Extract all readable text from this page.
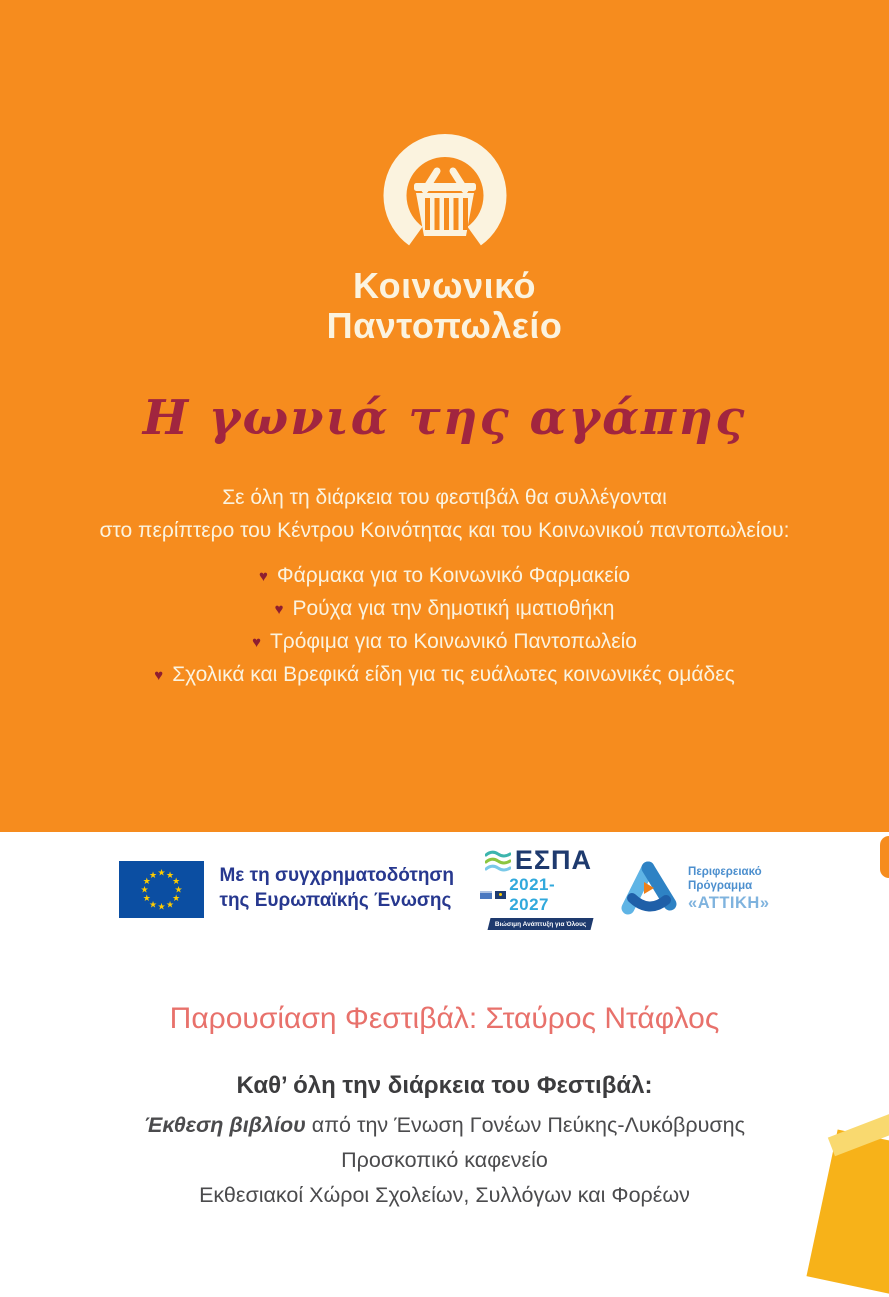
Κοινωνικό
Παντοπωλείο
Η γωνιά της αγάπης
Σε όλη τη διάρκεια του φεστιβάλ θα συλλέγονται
στο περίπτερο του Κέντρου Κοινότητας και του Κοινωνικού παντοπωλείου:
♥ Φάρμακα για το Κοινωνικό Φαρμακείο
♥ Ρούχα για την δημοτική ιματιοθήκη
♥ Τρόφιμα για το Κοινωνικό Παντοπωλείο
♥ Σχολικά και Βρεφικά είδη για τις ευάλωτες κοινωνικές ομάδες
★ ★
★
★
★
★
★
★
★
★
★
★	Με τη συγχρηματοδότηση
της Ευρωπαϊκής Ένωσης
ΕΣΠΑ
2021-2027
Βιώσιμη Ανάπτυξη για Όλους
Περιφερειακό
Πρόγραμμα
«ΑΤΤΙΚΗ»
Παρουσίαση Φεστιβάλ: Σταύρος Ντάφλος
Καθ’ όλη την διάρκεια του Φεστιβάλ:
Έκθεση βιβλίου από την Ένωση Γονέων Πεύκης-Λυκόβρυσης
Προσκοπικό καφενείο
Εκθεσιακοί Χώροι Σχολείων, Συλλόγων και Φορέων
